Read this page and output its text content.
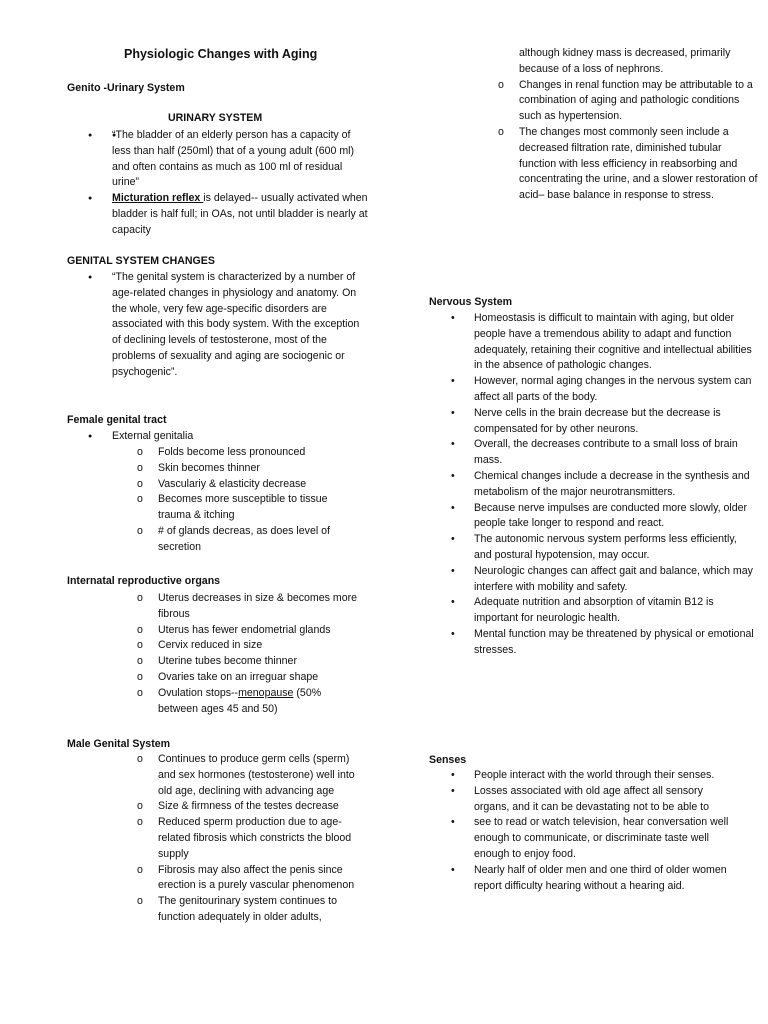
Physiologic Changes with Aging
Genito -Urinary System
URINARY SYSTEM
● ● “The bladder of an elderly person has a capacity of less than half (250ml) that of a young adult (600 ml) and often contains as much as 100 ml of residual urine”
● Micturation reflex is delayed-- usually activated when bladder is half full; in OAs, not until bladder is nearly at capacity
GENITAL SYSTEM CHANGES
● “The genital system is characterized by a number of age-related changes in physiology and anatomy. On the whole, very few age-specific disorders are associated with this body system. With the exception of declining levels of testosterone, most of the problems of sexuality and aging are sociogenic or psychogenic”.
Female genital tract
● External genitalia
o Folds become less pronounced
o Skin becomes thinner
o Vasculariy & elasticity decrease
o Becomes more susceptible to tissue trauma & itching
o # of glands decreas, as does level of secretion
Internatal reproductive organs
o Uterus decreases in size & becomes more fibrous
o Uterus has fewer endometrial glands
o Cervix reduced in size
o Uterine tubes become thinner
o Ovaries take on an irreguar shape
o Ovulation stops--menopause (50% between ages 45 and 50)
Male Genital System
o Continues to produce germ cells (sperm) and sex hormones (testosterone) well into old age, declining with advancing age
o Size & firmness of the testes decrease
o Reduced sperm production due to age-related fibrosis which constricts the blood supply
o Fibrosis may also affect the penis since erection is a purely vascular phenomenon
o The genitourinary system continues to function adequately in older adults,
although kidney mass is decreased, primarily because of a loss of nephrons.
o Changes in renal function may be attributable to a combination of aging and pathologic conditions such as hypertension.
o The changes most commonly seen include a decreased filtration rate, diminished tubular function with less efficiency in reabsorbing and concentrating the urine, and a slower restoration of acid– base balance in response to stress.
Nervous System
• Homeostasis is difficult to maintain with aging, but older people have a tremendous ability to adapt and function adequately, retaining their cognitive and intellectual abilities in the absence of pathologic changes.
• However, normal aging changes in the nervous system can affect all parts of the body.
• Nerve cells in the brain decrease but the decrease is compensated for by other neurons.
• Overall, the decreases contribute to a small loss of brain mass.
• Chemical changes include a decrease in the synthesis and metabolism of the major neurotransmitters.
• Because nerve impulses are conducted more slowly, older people take longer to respond and react.
• The autonomic nervous system performs less efficiently, and postural hypotension, may occur.
• Neurologic changes can affect gait and balance, which may interfere with mobility and safety.
• Adequate nutrition and absorption of vitamin B12 is important for neurologic health.
• Mental function may be threatened by physical or emotional stresses.
Senses
• People interact with the world through their senses.
• Losses associated with old age affect all sensory organs, and it can be devastating not to be able to
• see to read or watch television, hear conversation well enough to communicate, or discriminate taste well enough to enjoy food.
• Nearly half of older men and one third of older women report difficulty hearing without a hearing aid.
